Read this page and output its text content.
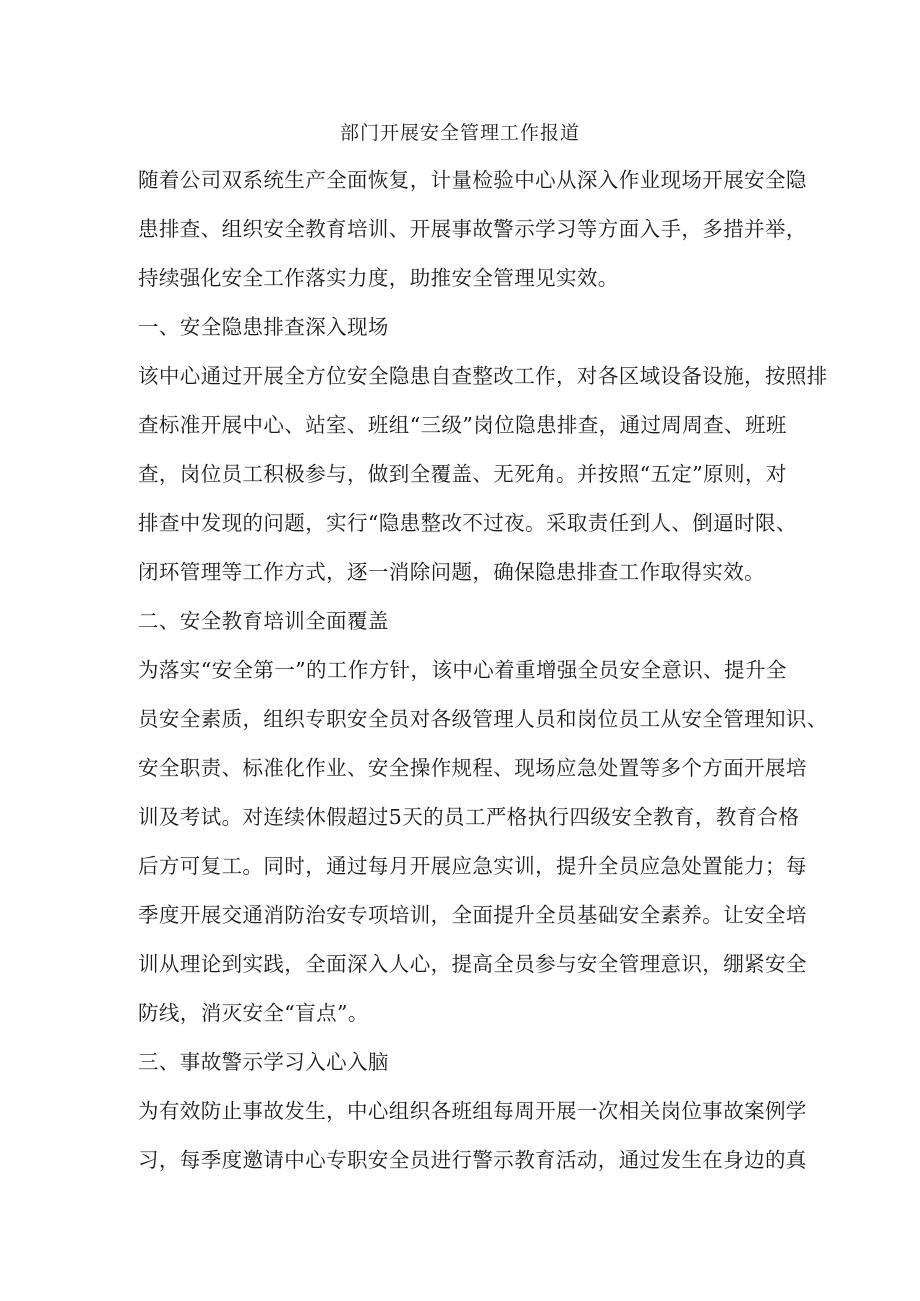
部门开展安全管理工作报道
随着公司双系统生产全面恢复，计量检验中心从深入作业现场开展安全隐
患排查、组织安全教育培训、开展事故警示学习等方面入手，多措并举，
持续强化安全工作落实力度，助推安全管理见实效。
一、安全隐患排查深入现场
该中心通过开展全方位安全隐患自查整改工作，对各区域设备设施，按照排
查标准开展中心、站室、班组“三级”岗位隐患排查，通过周周查、班班
查，岗位员工积极参与，做到全覆盖、无死角。并按照“五定”原则，对
排查中发现的问题，实行“隐患整改不过夜。采取责任到人、倒逼时限、
闭环管理等工作方式，逐一消除问题，确保隐患排查工作取得实效。
二、安全教育培训全面覆盖
为落实“安全第一”的工作方针，该中心着重增强全员安全意识、提升全
员安全素质，组织专职安全员对各级管理人员和岗位员工从安全管理知识、
安全职责、标准化作业、安全操作规程、现场应急处置等多个方面开展培
训及考试。对连续休假超过5天的员工严格执行四级安全教育，教育合格
后方可复工。同时，通过每月开展应急实训，提升全员应急处置能力；每
季度开展交通消防治安专项培训，全面提升全员基础安全素养。让安全培
训从理论到实践，全面深入人心，提高全员参与安全管理意识，绷紧安全
防线，消灭安全“盲点”。
三、事故警示学习入心入脑
为有效防止事故发生，中心组织各班组每周开展一次相关岗位事故案例学
习，每季度邀请中心专职安全员进行警示教育活动，通过发生在身边的真
